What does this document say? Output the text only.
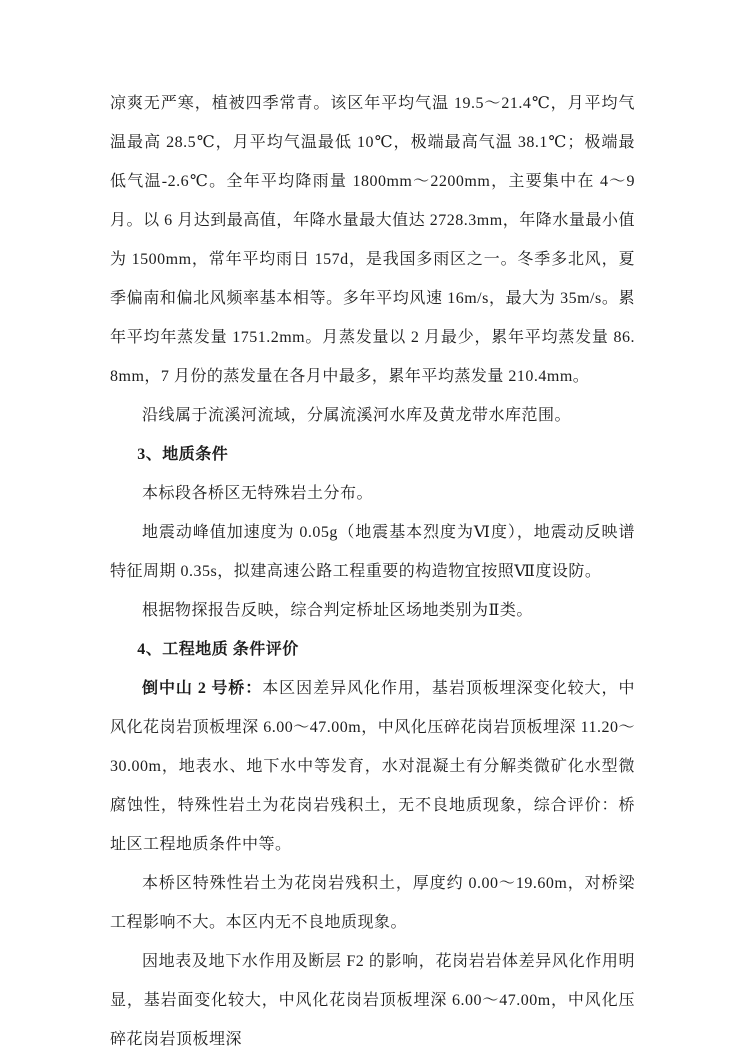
凉爽无严寒，植被四季常青。该区年平均气温 19.5～21.4℃，月平均气温最高 28.5℃，月平均气温最低 10℃，极端最高气温 38.1℃；极端最低气温-2.6℃。全年平均降雨量 1800mm～2200mm，主要集中在 4～9 月。以 6 月达到最高值，年降水量最大值达 2728.3mm，年降水量最小值为 1500mm，常年平均雨日 157d，是我国多雨区之一。冬季多北风，夏季偏南和偏北风频率基本相等。多年平均风速 16m/s，最大为 35m/s。累年平均年蒸发量 1751.2mm。月蒸发量以 2 月最少，累年平均蒸发量 86.8mm，7 月份的蒸发量在各月中最多，累年平均蒸发量 210.4mm。

沿线属于流溪河流域，分属流溪河水库及黄龙带水库范围。

3、地质条件

本标段各桥区无特殊岩土分布。

地震动峰值加速度为 0.05g（地震基本烈度为Ⅵ度），地震动反映谱特征周期 0.35s，拟建高速公路工程重要的构造物宜按照Ⅶ度设防。

根据物探报告反映，综合判定桥址区场地类别为Ⅱ类。

4、工程地质 条件评价

倒中山 2 号桥：本区因差异风化作用，基岩顶板埋深变化较大，中风化花岗岩顶板埋深 6.00～47.00m，中风化压碎花岗岩顶板埋深 11.20～30.00m，地表水、地下水中等发育，水对混凝土有分解类微矿化水型微腐蚀性，特殊性岩土为花岗岩残积土，无不良地质现象，综合评价：桥址区工程地质条件中等。

本桥区特殊性岩土为花岗岩残积土，厚度约 0.00～19.60m，对桥梁工程影响不大。本区内无不良地质现象。

因地表及地下水作用及断层 F2 的影响，花岗岩岩体差异风化作用明显，基岩面变化较大，中风化花岗岩顶板埋深 6.00～47.00m，中风化压碎花岗岩顶板埋深
